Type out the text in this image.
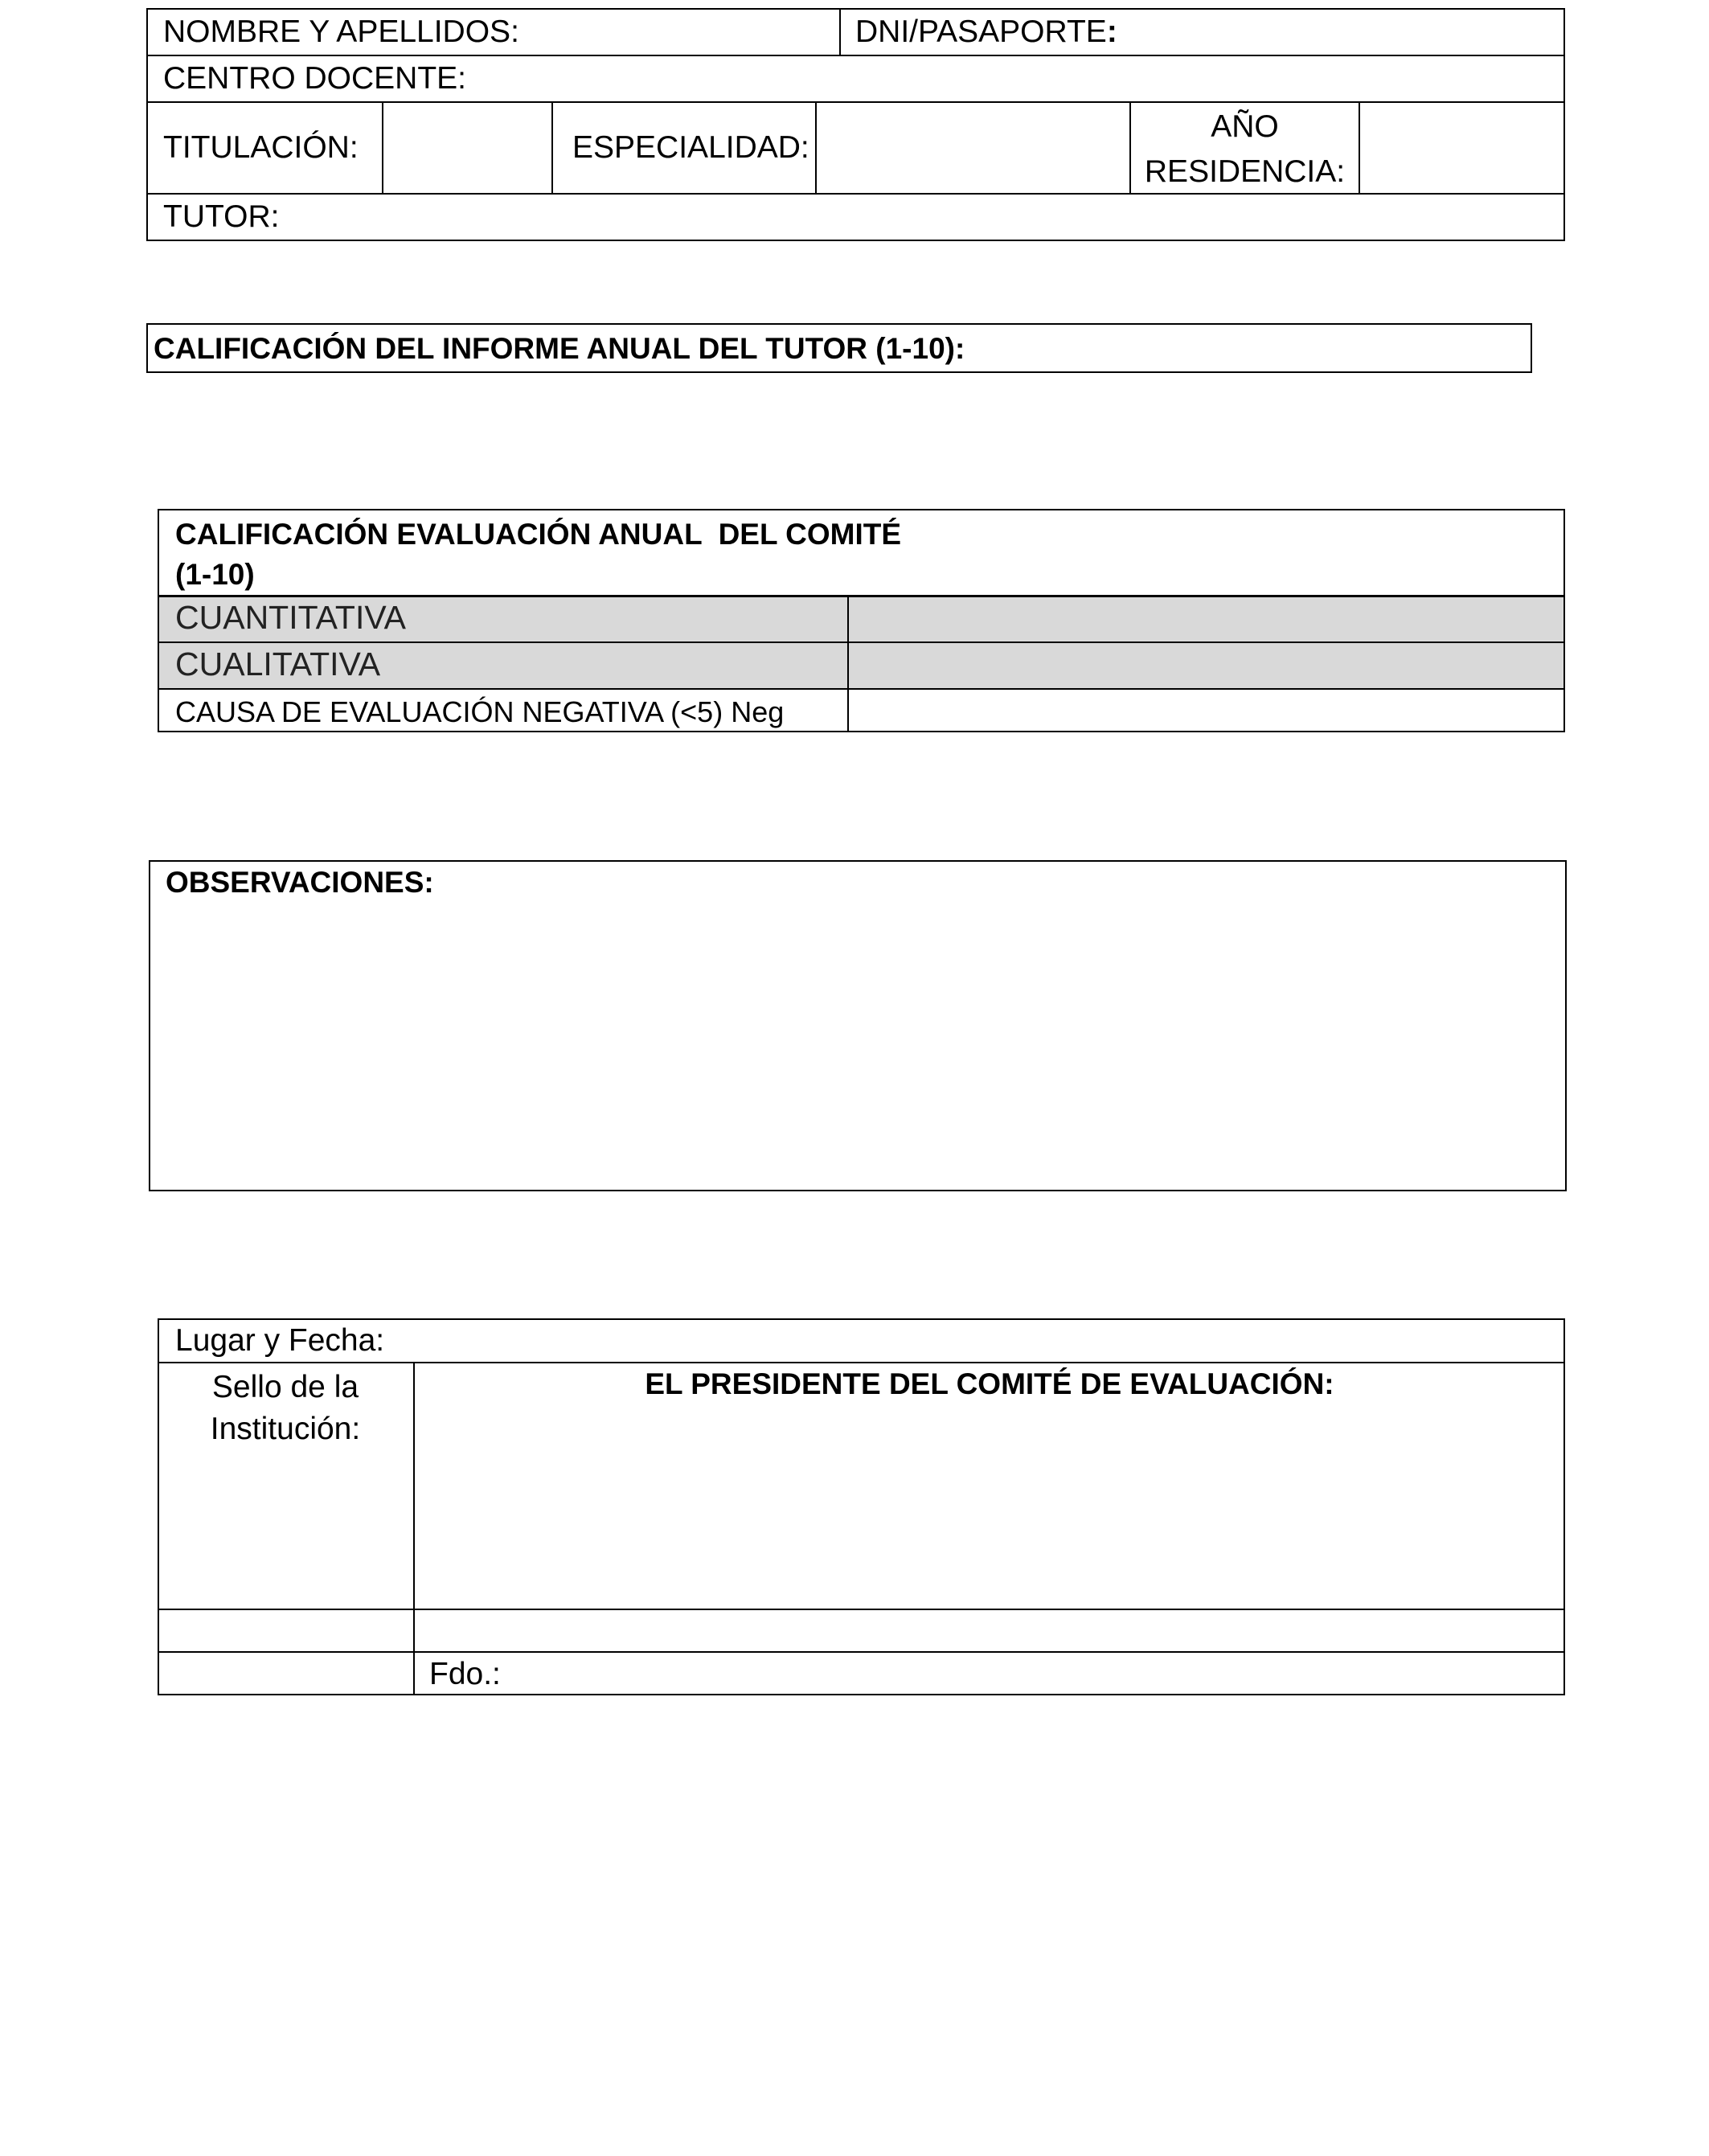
NOMBRE Y APELLIDOS:	DNI/PASAPORTE:
CENTRO DOCENTE:
TITULACIÓN:	ESPECIALIDAD:
AÑO
RESIDENCIA:
TUTOR:
CALIFICACIÓN DEL INFORME ANUAL DEL TUTOR (1-10):
CALIFICACIÓN EVALUACIÓN ANUAL  DEL COMITÉ
(1-10)
CUANTITATIVA
CUALITATIVA
CAUSA DE EVALUACIÓN NEGATIVA (<5) Neg
OBSERVACIONES:
Lugar y Fecha:
Sello de la
Institución:
EL PRESIDENTE DEL COMITÉ DE EVALUACIÓN:
Fdo.:
